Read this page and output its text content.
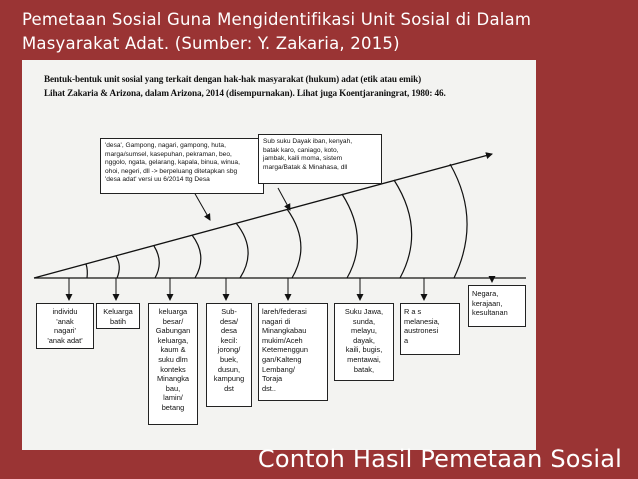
Pemetaan Sosial Guna Mengidentifikasi Unit Sosial di Dalam
Masyarakat Adat. (Sumber: Y. Zakaria, 2015)
Bentuk-bentuk unit sosial yang terkait dengan hak-hak masyarakat (hukum) adat (etik atau emik)
Lihat Zakaria & Arizona, dalam Arizona, 2014 (disempurnakan). Lihat juga Koentjaraningrat, 1980: 46.
'desa', Gampong, nagari, gampong, huta,
marga/sumsel, kasepuhan, pekraman, beo,
nggolo, ngata, gelarang, kapala, binua, winua,
ohoi, negeri, dll -> berpeluang ditetapkan sbg
'desa adat' versi uu 6/2014 ttg Desa
Sub suku Dayak iban, kenyah,
batak karo, caniago, koto,
jambak, kaili moma, sistem
marga/Batak & Minahasa, dll
individu
'anak
nagari'
'anak adat'
Keluarga
batih
keluarga
besar/
Gabungan
keluarga,
kaum &
suku dlm
konteks
Minangka
bau,
lamin/
betang
Sub-
desa/
desa
kecil:
jorong/
buek,
dusun,
kampung
dst
lareh/federasi
nagari di
Minangkabau
mukim/Aceh
Ketemenggun
gan/Kalteng
Lembang/
Toraja
dst..
Suku Jawa,
sunda,
melayu,
dayak,
kaili, bugis,
mentawai,
batak,
R a s
melanesia,
austronesi
a
Negara,
kerajaan,
kesultanan
Contoh Hasil Pemetaan Sosial
